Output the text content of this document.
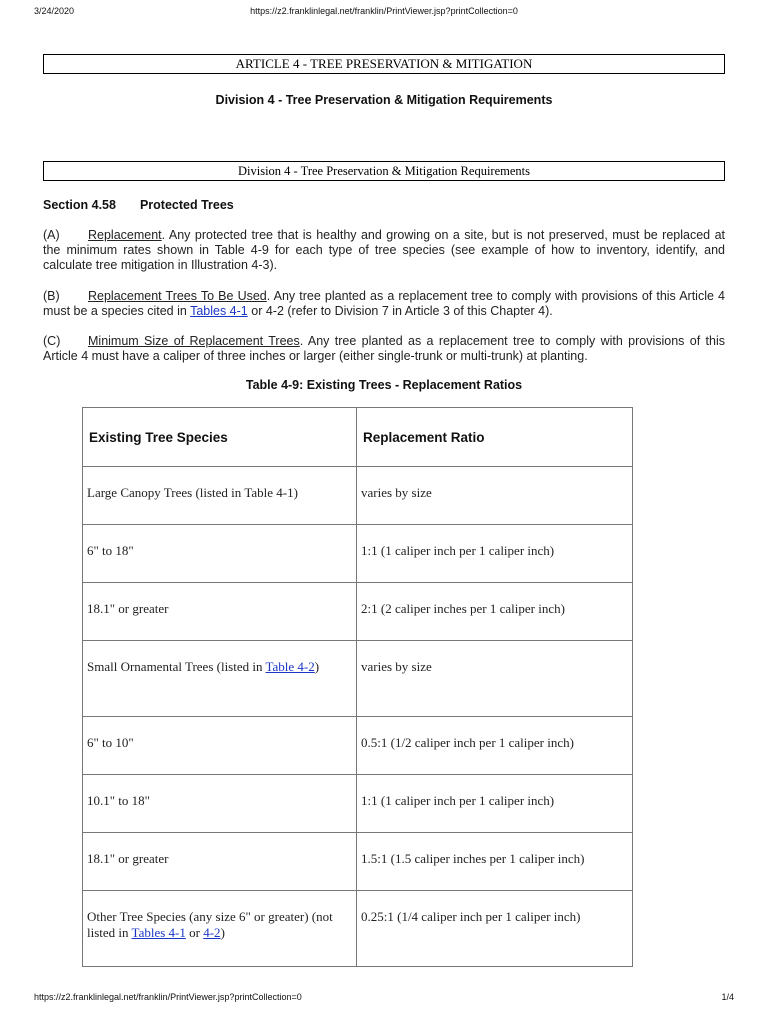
3/24/2020	https://z2.franklinlegal.net/franklin/PrintViewer.jsp?printCollection=0
ARTICLE 4 - TREE PRESERVATION & MITIGATION
Division 4 - Tree Preservation & Mitigation Requirements
Division 4 - Tree Preservation & Mitigation Requirements
Section 4.58 Protected Trees
(A) Replacement. Any protected tree that is healthy and growing on a site, but is not preserved, must be replaced at the minimum rates shown in Table 4-9 for each type of tree species (see example of how to inventory, identify, and calculate tree mitigation in Illustration 4-3).
(B) Replacement Trees To Be Used. Any tree planted as a replacement tree to comply with provisions of this Article 4 must be a species cited in Tables 4-1 or 4-2 (refer to Division 7 in Article 3 of this Chapter 4).
(C) Minimum Size of Replacement Trees. Any tree planted as a replacement tree to comply with provisions of this Article 4 must have a caliper of three inches or larger (either single-trunk or multi-trunk) at planting.
Table 4-9: Existing Trees - Replacement Ratios
Existing Tree Species	Replacement Ratio
Large Canopy Trees (listed in Table 4-1)	varies by size
6" to 18"	1:1 (1 caliper inch per 1 caliper inch)
18.1" or greater	2:1 (2 caliper inches per 1 caliper inch)
Small Ornamental Trees (listed in Table 4-2)	varies by size
6" to 10"	0.5:1 (1/2 caliper inch per 1 caliper inch)
10.1" to 18"	1:1 (1 caliper inch per 1 caliper inch)
18.1" or greater	1.5:1 (1.5 caliper inches per 1 caliper inch)
Other Tree Species (any size 6" or greater) (not listed in Tables 4-1 or 4-2)	0.25:1 (1/4 caliper inch per 1 caliper inch)
https://z2.franklinlegal.net/franklin/PrintViewer.jsp?printCollection=0	1/4
